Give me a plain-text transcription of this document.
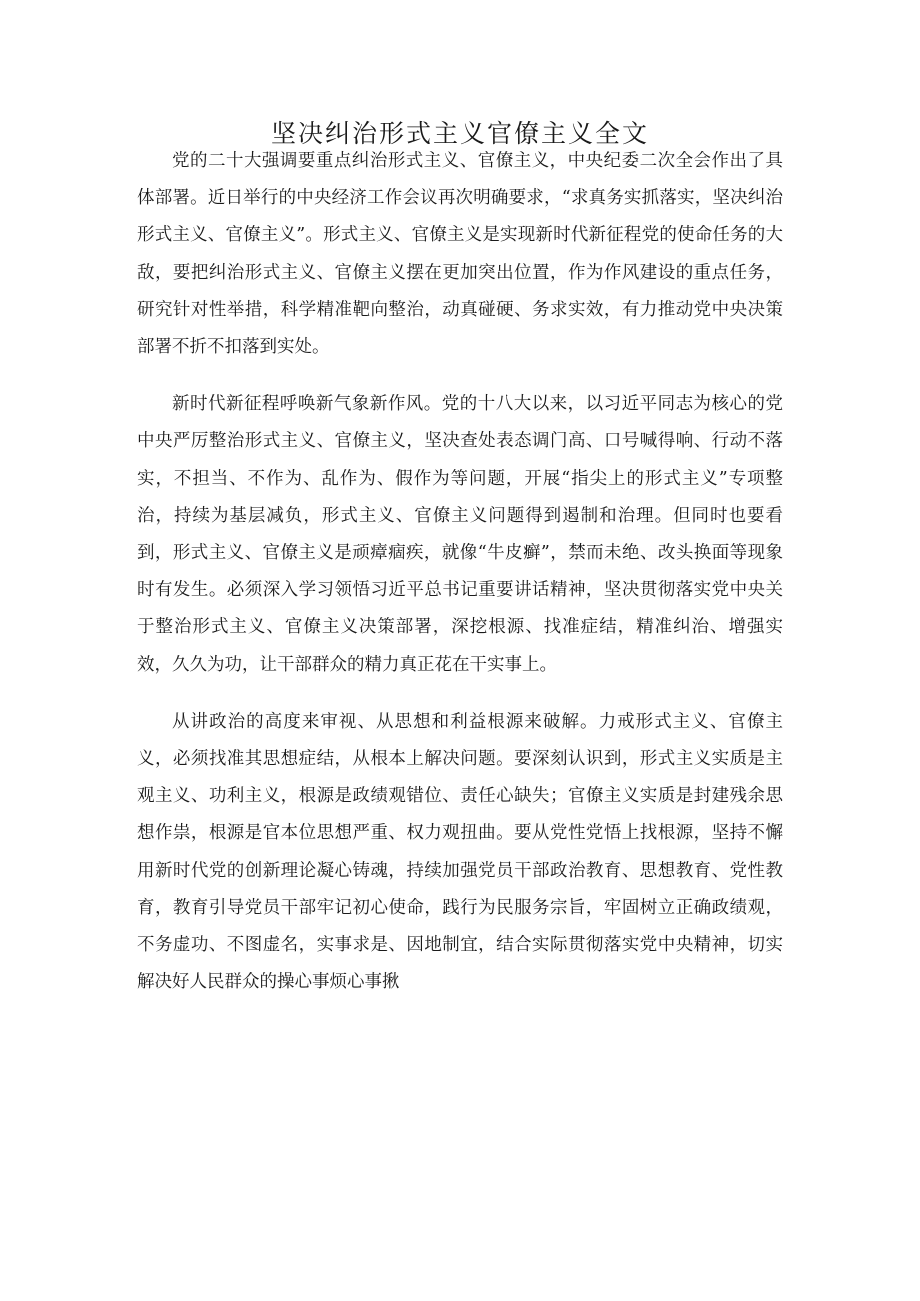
坚决纠治形式主义官僚主义全文

党的二十大强调要重点纠治形式主义、官僚主义，中央纪委二次全会作出了具体部署。近日举行的中央经济工作会议再次明确要求，“求真务实抓落实，坚决纠治形式主义、官僚主义”。形式主义、官僚主义是实现新时代新征程党的使命任务的大敌，要把纠治形式主义、官僚主义摆在更加突出位置，作为作风建设的重点任务，研究针对性举措，科学精准靶向整治，动真碰硬、务求实效，有力推动党中央决策部署不折不扣落到实处。

新时代新征程呼唤新气象新作风。党的十八大以来，以习近平同志为核心的党中央严厉整治形式主义、官僚主义，坚决查处表态调门高、口号喊得响、行动不落实，不担当、不作为、乱作为、假作为等问题，开展“指尖上的形式主义”专项整治，持续为基层减负，形式主义、官僚主义问题得到遏制和治理。但同时也要看到，形式主义、官僚主义是顽瘴痼疾，就像“牛皮癣”，禁而未绝、改头换面等现象时有发生。必须深入学习领悟习近平总书记重要讲话精神，坚决贯彻落实党中央关于整治形式主义、官僚主义决策部署，深挖根源、找准症结，精准纠治、增强实效，久久为功，让干部群众的精力真正花在干实事上。

从讲政治的高度来审视、从思想和利益根源来破解。力戒形式主义、官僚主义，必须找准其思想症结，从根本上解决问题。要深刻认识到，形式主义实质是主观主义、功利主义，根源是政绩观错位、责任心缺失；官僚主义实质是封建残余思想作祟，根源是官本位思想严重、权力观扭曲。要从党性党悟上找根源，坚持不懈用新时代党的创新理论凝心铸魂，持续加强党员干部政治教育、思想教育、党性教育，教育引导党员干部牢记初心使命，践行为民服务宗旨，牢固树立正确政绩观，不务虚功、不图虚名，实事求是、因地制宜，结合实际贯彻落实党中央精神，切实解决好人民群众的操心事烦心事揪
